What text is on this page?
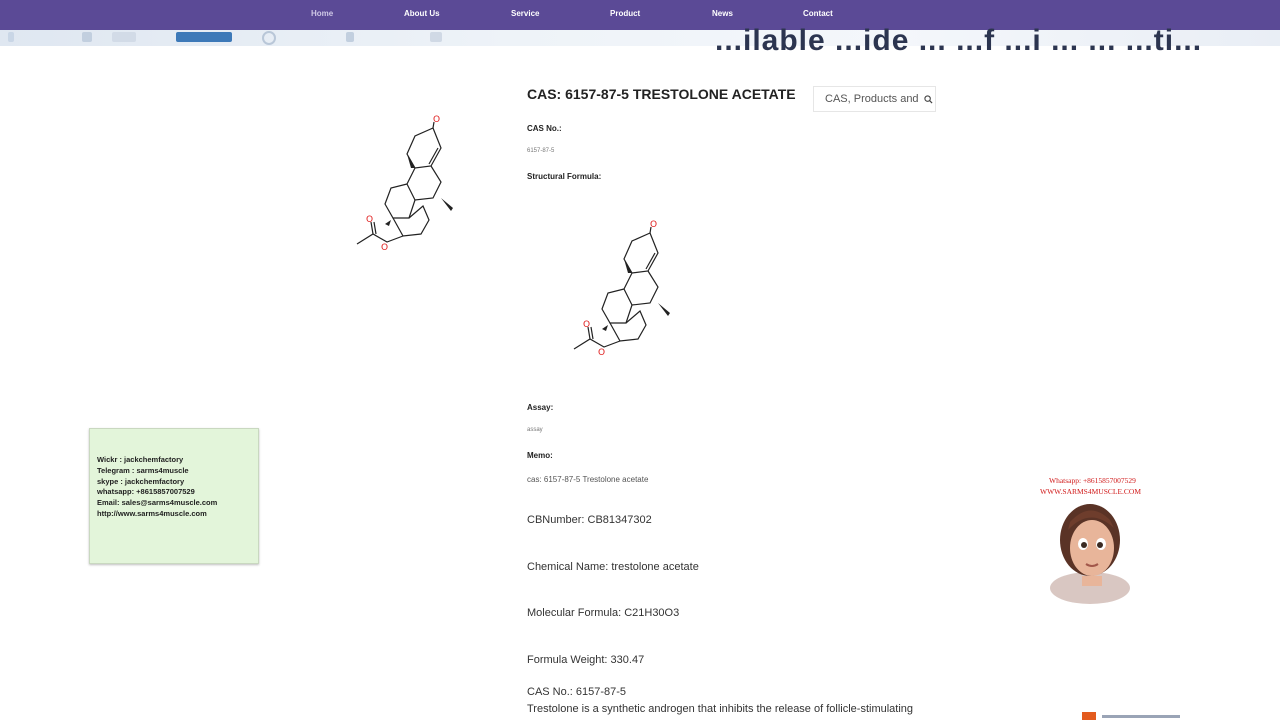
Home	About Us	Service	Product	News	Contact
...ilable ...ide ... ...f ...i ... ... ...ti...
O
O
O
CAS: 6157-87-5 TRESTOLONE ACETATE
CAS, Products and
CAS No.:
6157-87-5
Structural Formula:
O
O
O
Assay:
assay
Memo:
cas: 6157-87-5 Trestolone acetate
CBNumber: CB81347302
Chemical Name: trestolone acetate
Molecular Formula: C21H30O3
Formula Weight: 330.47
CAS No.: 6157-87-5
Trestolone is a synthetic androgen that inhibits the release of follicle-stimulating
Wickr : jackchemfactory
Telegram : sarms4muscle
skype : jackchemfactory
whatsapp: +8615857007529
Email: sales@sarms4muscle.com
http://www.sarms4muscle.com
Whatsapp: +8615857007529
WWW.SARMS4MUSCLE.COM
